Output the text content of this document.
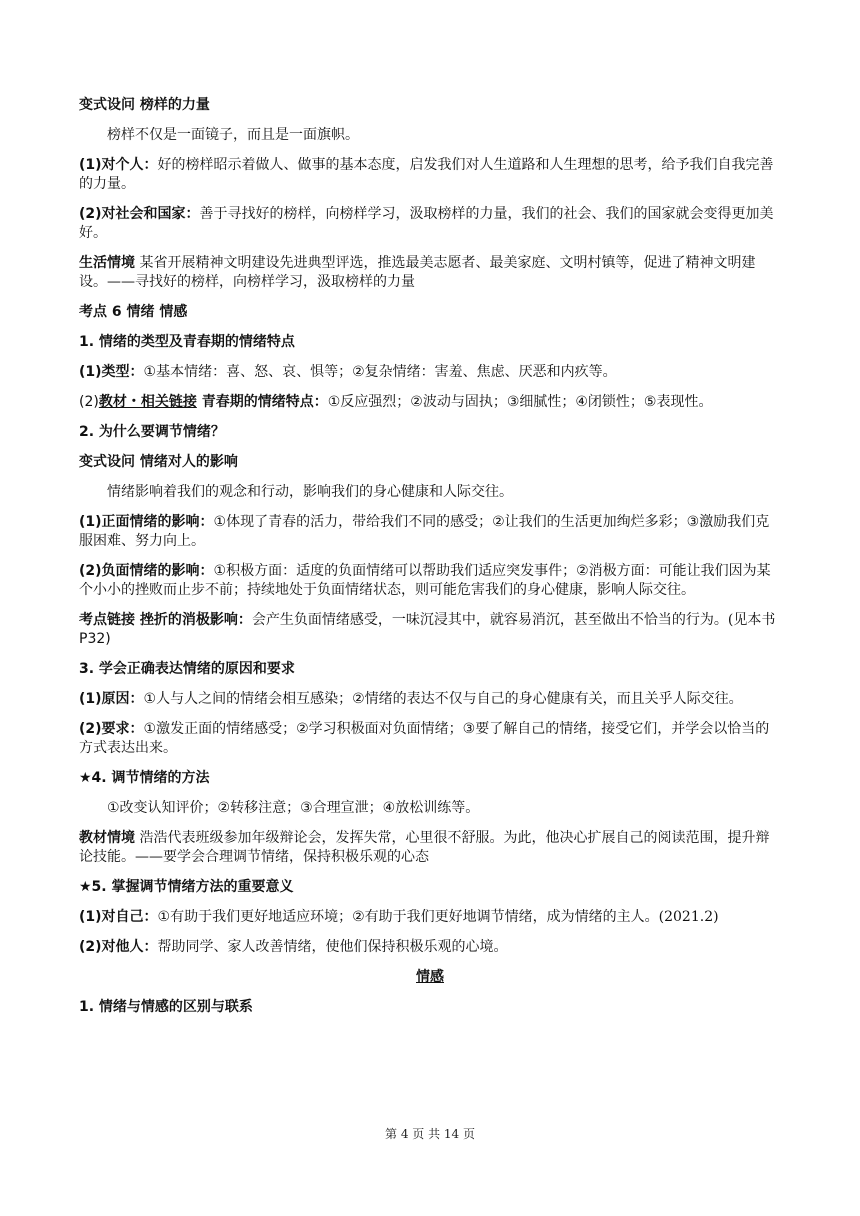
变式设问 榜样的力量

榜样不仅是一面镜子，而且是一面旗帜。

(1)对个人：好的榜样昭示着做人、做事的基本态度，启发我们对人生道路和人生理想的思考，给予我们自我完善的力量。

(2)对社会和国家：善于寻找好的榜样，向榜样学习，汲取榜样的力量，我们的社会、我们的国家就会变得更加美好。

生活情境 某省开展精神文明建设先进典型评选，推选最美志愿者、最美家庭、文明村镇等，促进了精神文明建设。——寻找好的榜样，向榜样学习，汲取榜样的力量

考点 6 情绪 情感

1. 情绪的类型及青春期的情绪特点

(1)类型：①基本情绪：喜、怒、哀、惧等；②复杂情绪：害羞、焦虑、厌恶和内疚等。

(2)教材・相关链接 青春期的情绪特点：①反应强烈；②波动与固执；③细腻性；④闭锁性；⑤表现性。

2. 为什么要调节情绪？

变式设问 情绪对人的影响

情绪影响着我们的观念和行动，影响我们的身心健康和人际交往。

(1)正面情绪的影响：①体现了青春的活力，带给我们不同的感受；②让我们的生活更加绚烂多彩；③激励我们克服困难、努力向上。

(2)负面情绪的影响：①积极方面：适度的负面情绪可以帮助我们适应突发事件；②消极方面：可能让我们因为某个小小的挫败而止步不前；持续地处于负面情绪状态，则可能危害我们的身心健康，影响人际交往。

考点链接 挫折的消极影响：会产生负面情绪感受，一味沉浸其中，就容易消沉，甚至做出不恰当的行为。(见本书 P32)

3. 学会正确表达情绪的原因和要求

(1)原因：①人与人之间的情绪会相互感染；②情绪的表达不仅与自己的身心健康有关，而且关乎人际交往。

(2)要求：①激发正面的情绪感受；②学习积极面对负面情绪；③要了解自己的情绪，接受它们，并学会以恰当的方式表达出来。

★4. 调节情绪的方法

①改变认知评价；②转移注意；③合理宣泄；④放松训练等。

教材情境 浩浩代表班级参加年级辩论会，发挥失常，心里很不舒服。为此，他决心扩展自己的阅读范围，提升辩论技能。——要学会合理调节情绪，保持积极乐观的心态

★5. 掌握调节情绪方法的重要意义

(1)对自己：①有助于我们更好地适应环境；②有助于我们更好地调节情绪，成为情绪的主人。(2021.2)

(2)对他人：帮助同学、家人改善情绪，使他们保持积极乐观的心境。

情感

1. 情绪与情感的区别与联系

第 4 页 共 14 页
